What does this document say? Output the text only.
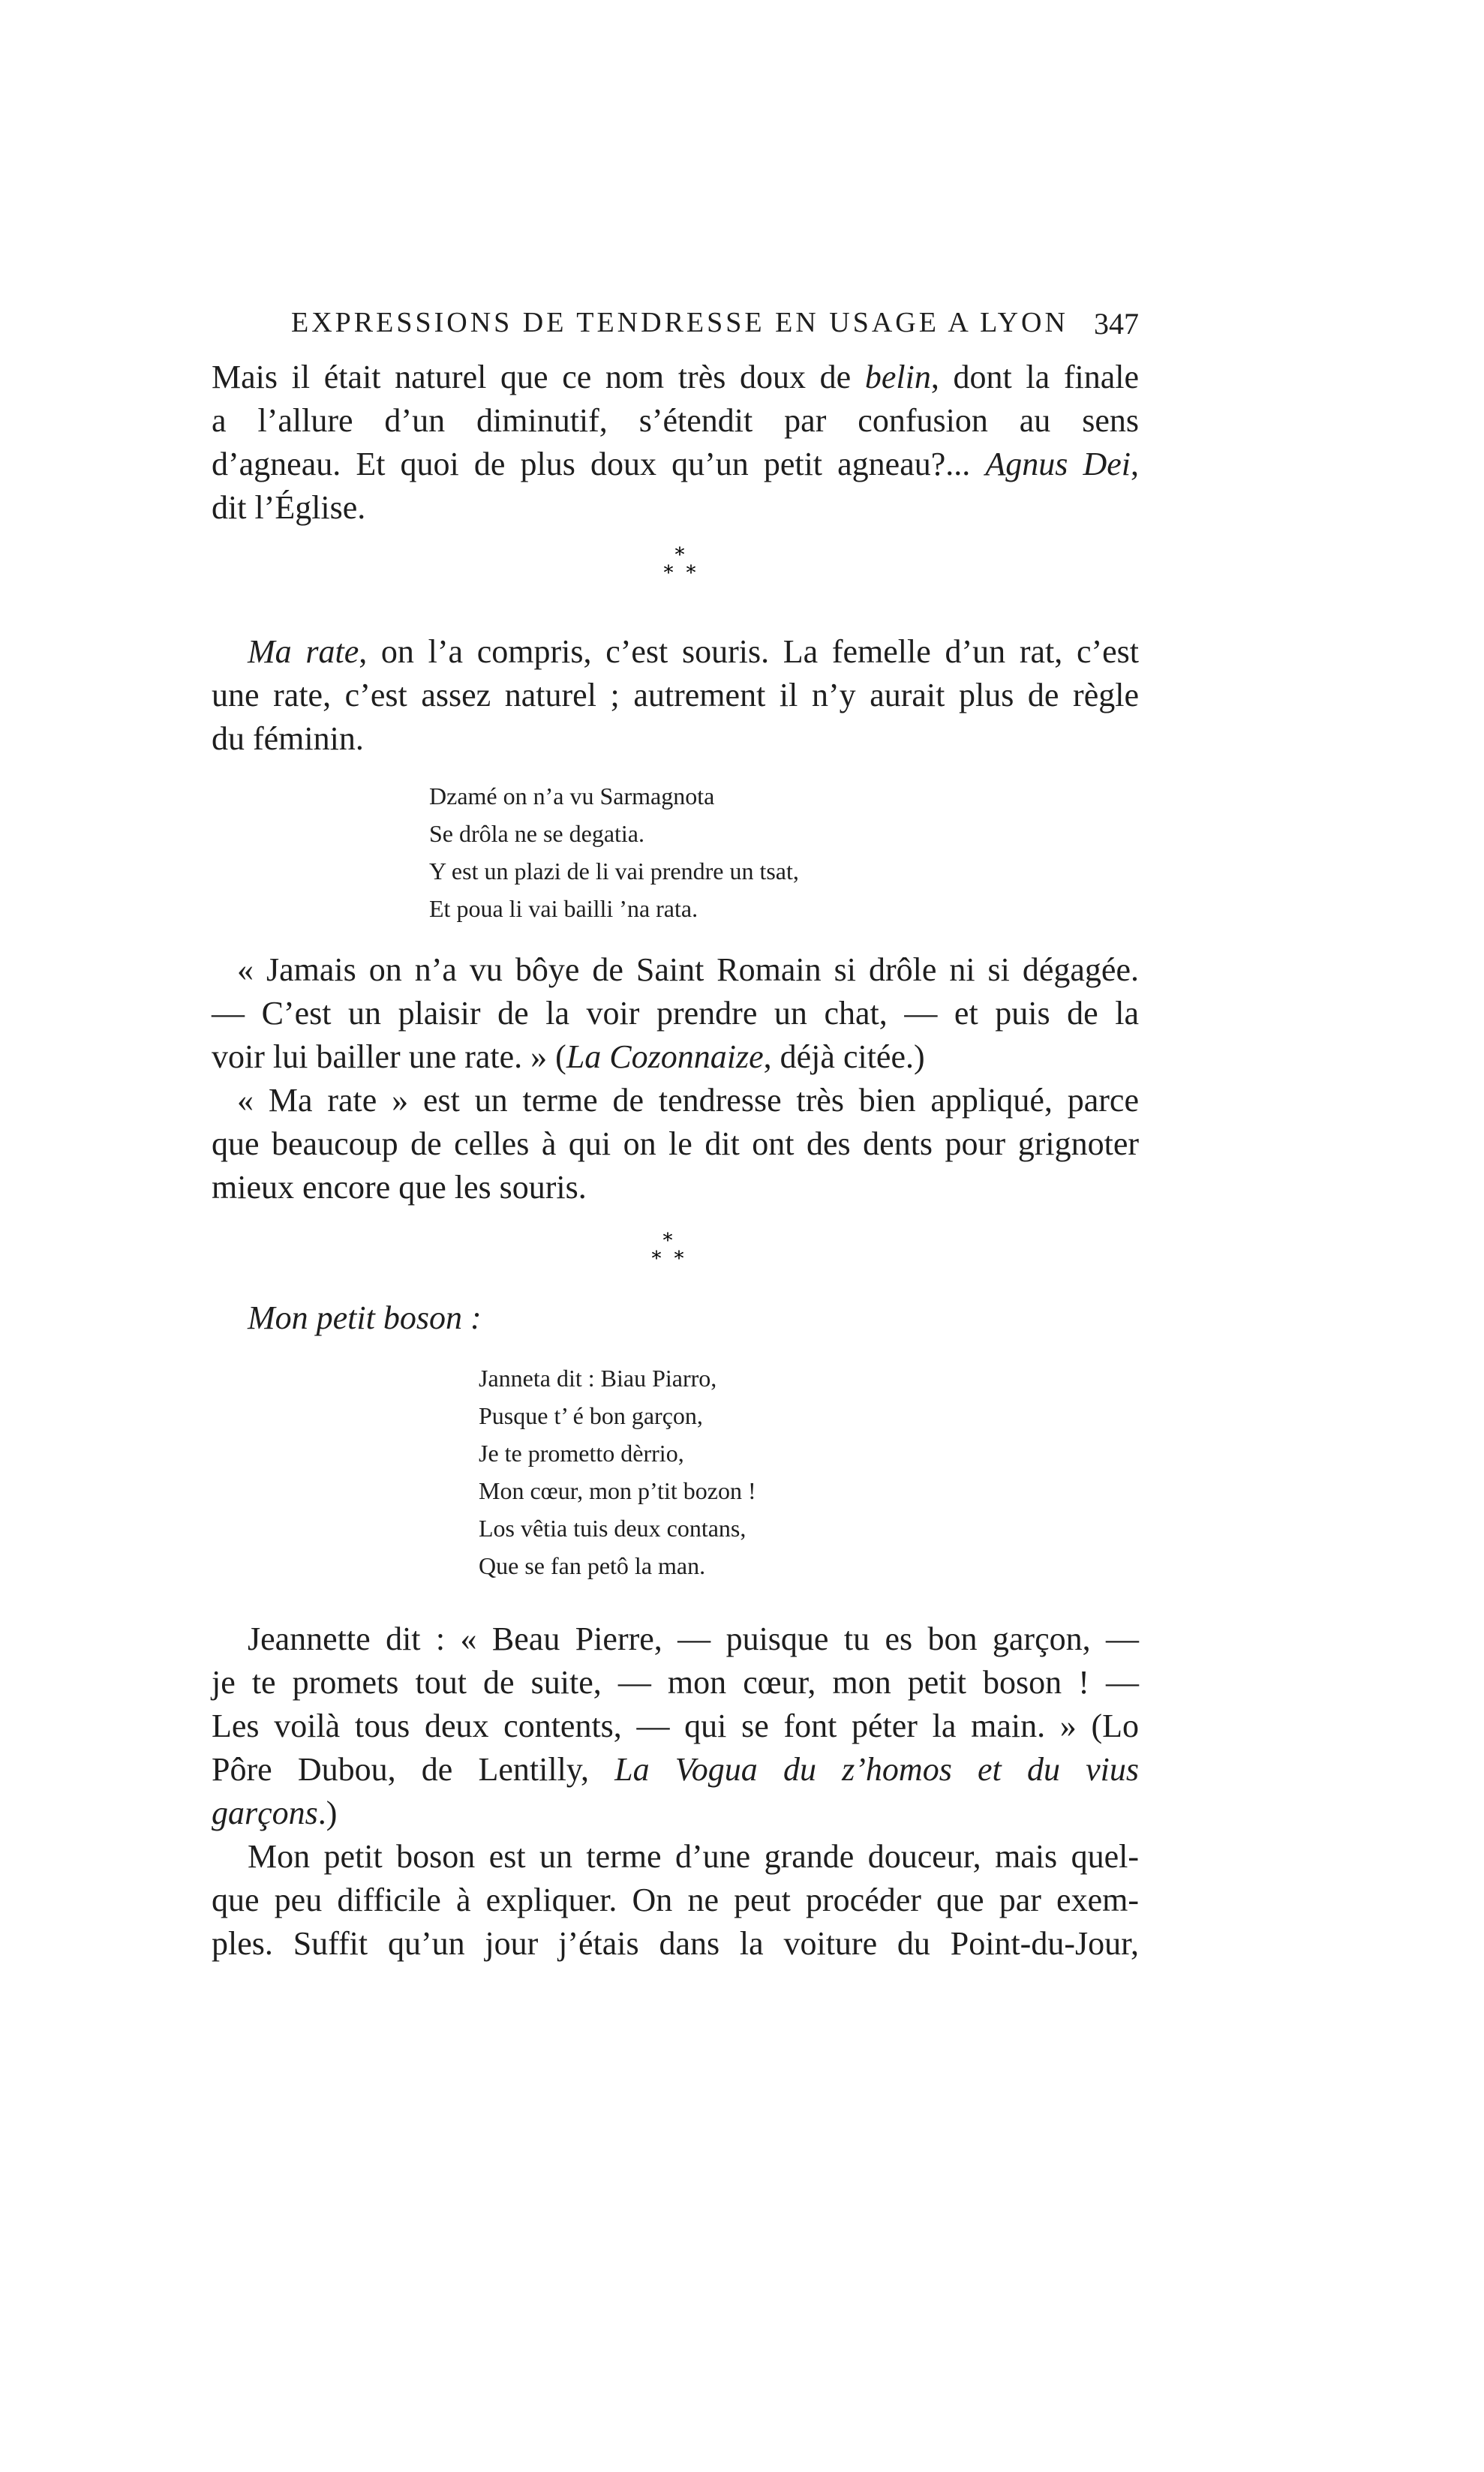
EXPRESSIONS DE TENDRESSE EN USAGE A LYON 347

Mais il était naturel que ce nom très doux de belin, dont la finale
a l’allure d’un diminutif, s’étendit par confusion au sens
d’agneau. Et quoi de plus doux qu’un petit agneau?... Agnus Dei,
dit l’Église.

*
* *

Ma rate, on l’a compris, c’est souris. La femelle d’un rat, c’est
une rate, c’est assez naturel ; autrement il n’y aurait plus de règle
du féminin.

Dzamé on n’a vu Sarmagnota
Se drôla ne se degatia.
Y est un plazi de li vai prendre un tsat,
Et poua li vai bailli ’na rata.

« Jamais on n’a vu bôye de Saint Romain si drôle ni si dégagée.
— C’est un plaisir de la voir prendre un chat, — et puis de la
voir lui bailler une rate. » (La Cozonnaize, déjà citée.)

« Ma rate » est un terme de tendresse très bien appliqué, parce
que beaucoup de celles à qui on le dit ont des dents pour grignoter
mieux encore que les souris.

*
* *

Mon petit boson :

Janneta dit : Biau Piarro,
Pusque t’ é bon garçon,
Je te prometto dèrrio,
Mon cœur, mon p’tit bozon !
Los vêtia tuis deux contans,
Que se fan petô la man.

Jeannette dit : « Beau Pierre, — puisque tu es bon garçon, —
je te promets tout de suite, — mon cœur, mon petit boson ! —
Les voilà tous deux contents, — qui se font péter la main. » (Lo
Pôre Dubou, de Lentilly, La Vogua du z’homos et du vius
garçons.)

Mon petit boson est un terme d’une grande douceur, mais quel-
que peu difficile à expliquer. On ne peut procéder que par exem-
ples. Suffit qu’un jour j’étais dans la voiture du Point-du-Jour,
